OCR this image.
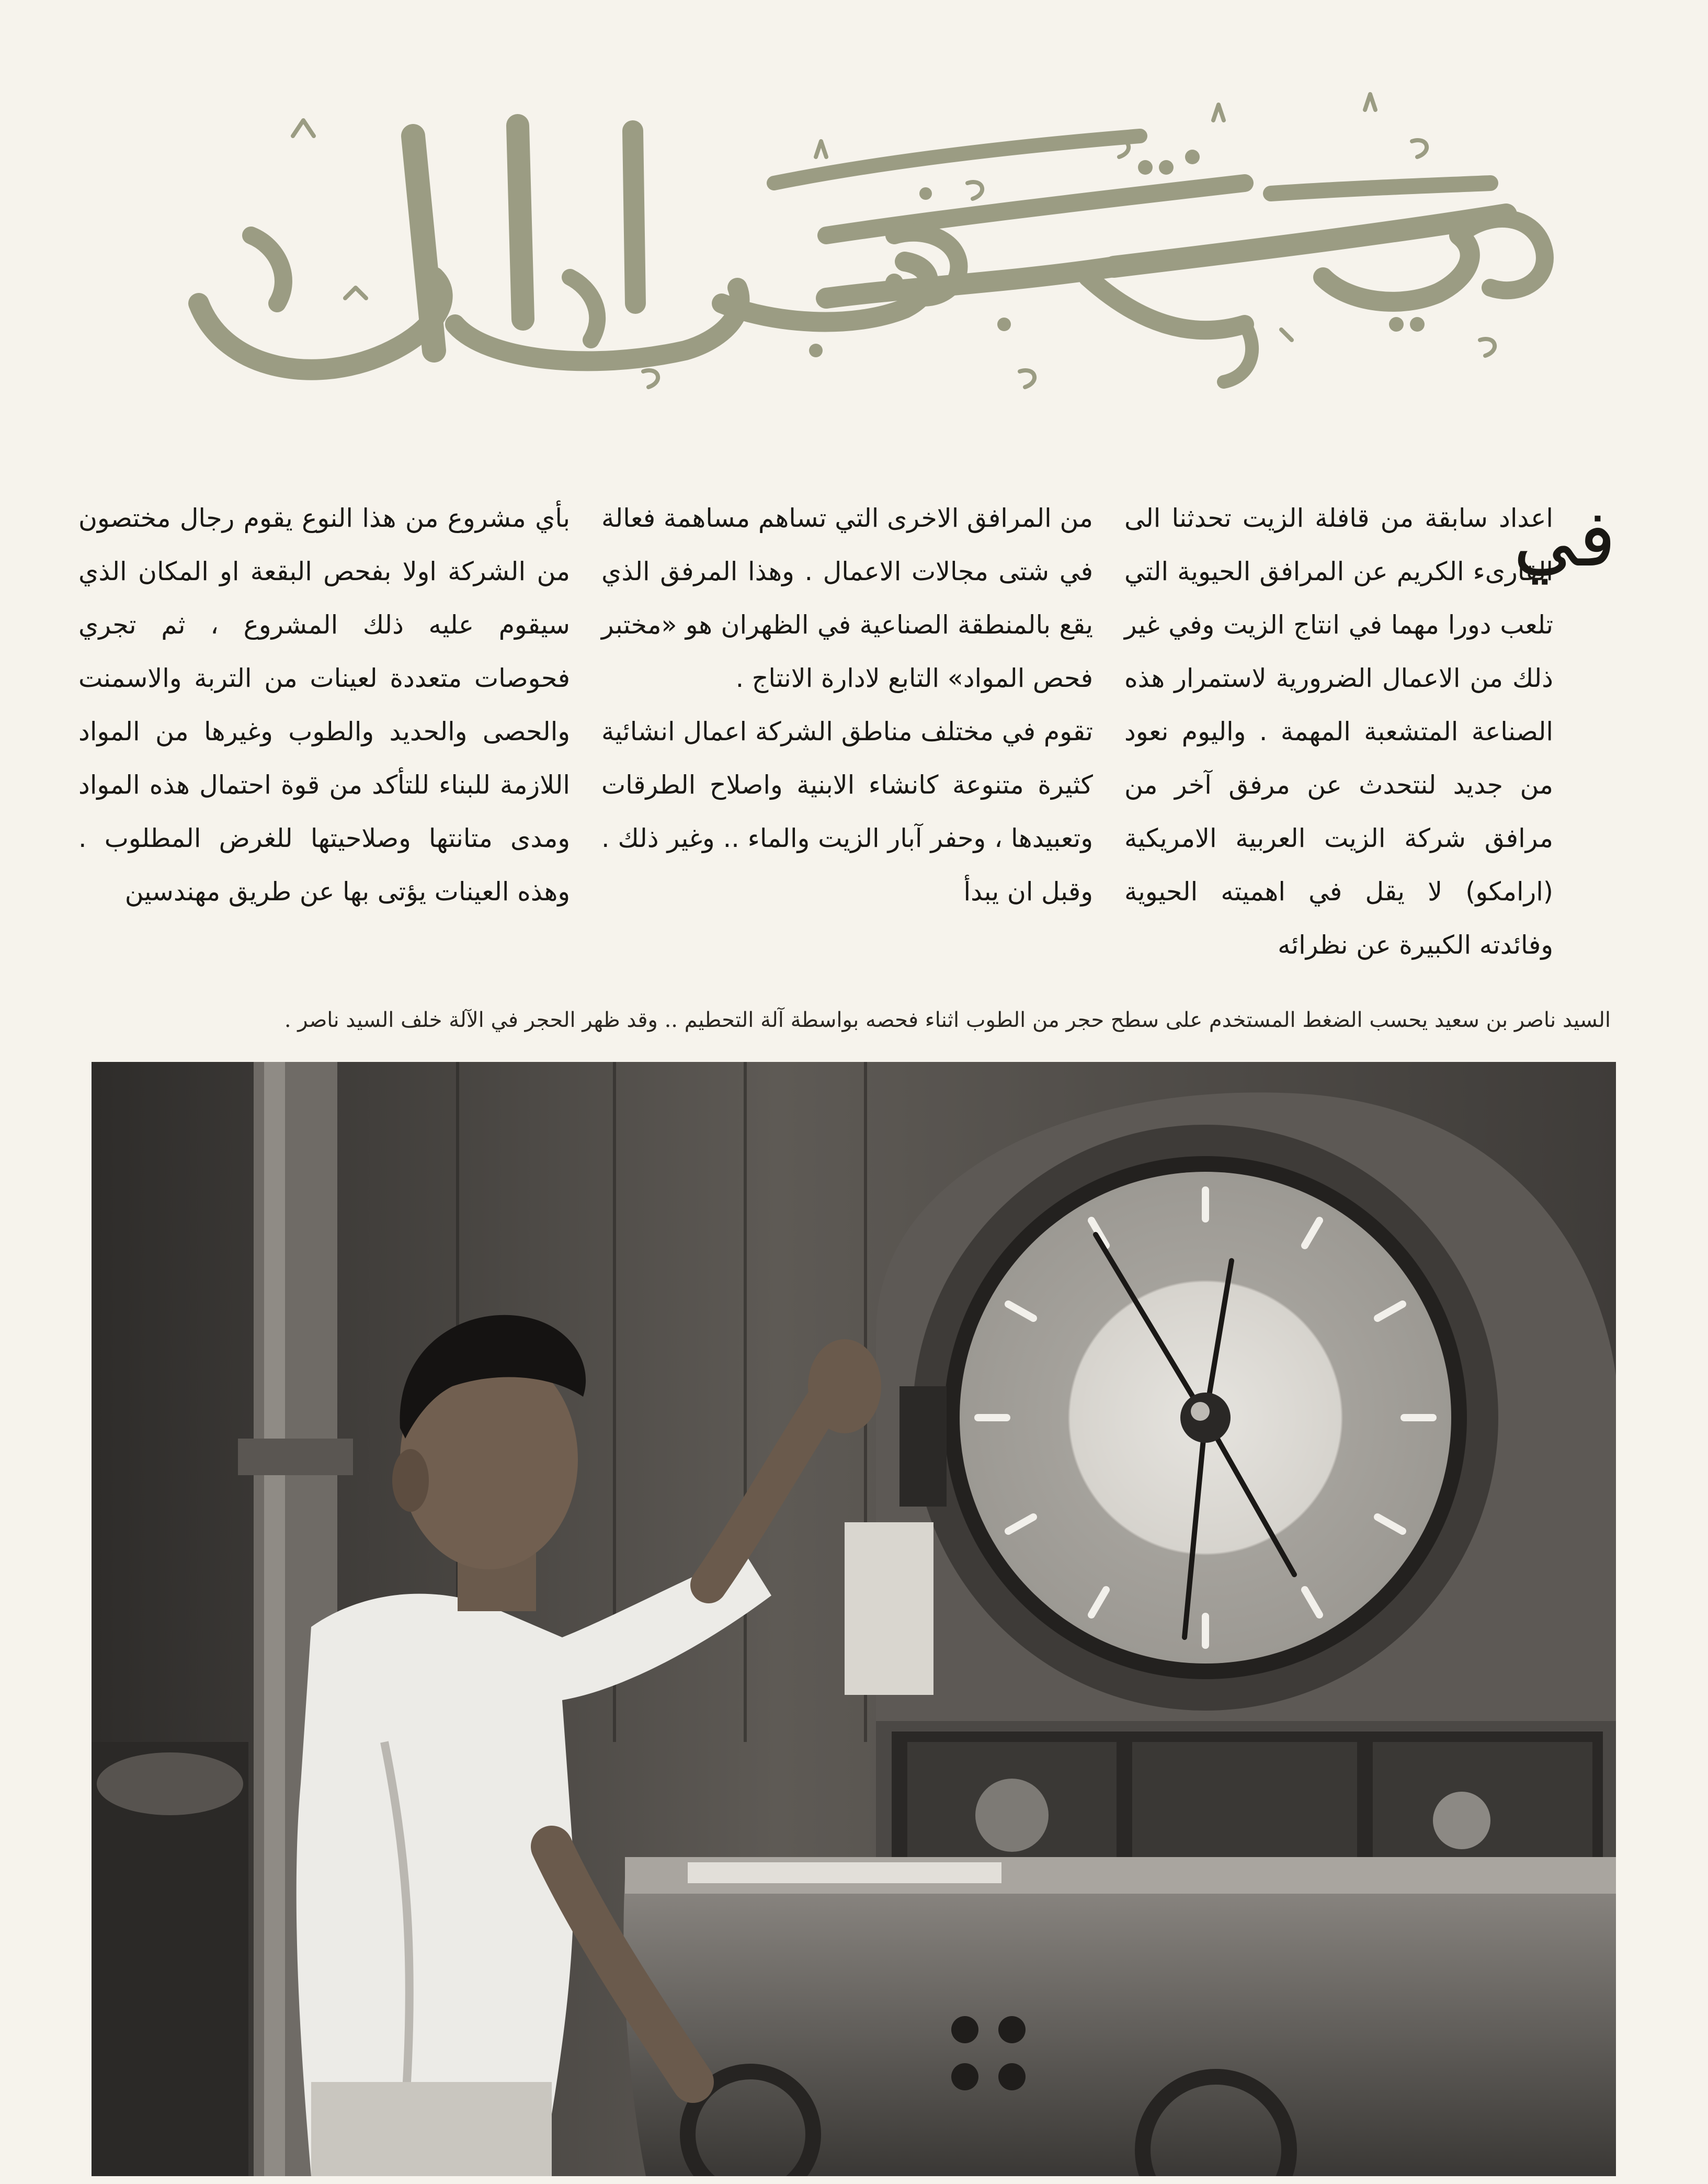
في

اعداد سابقة من قافلة الزيت تحدثنا الى القارىء الكريم عن المرافق الحيوية التي تلعب دورا مهما في انتاج الزيت وفي غير ذلك من الاعمال الضرورية لاستمرار هذه الصناعة المتشعبة المهمة . واليوم نعود من جديد لنتحدث عن مرفق آخر من مرافق شركة الزيت العربية الامريكية (ارامكو) لا يقل في اهميته الحيوية وفائدته الكبيرة عن نظرائه

من المرافق الاخرى التي تساهم مساهمة فعالة في شتى مجالات الاعمال . وهذا المرفق الذي يقع بالمنطقة الصناعية في الظهران هو «مختبر فحص المواد» التابع لادارة الانتاج .

تقوم في مختلف مناطق الشركة اعمال انشائية كثيرة متنوعة كانشاء الابنية واصلاح الطرقات وتعبيدها ، وحفر آبار الزيت والماء .. وغير ذلك . وقبل ان يبدأ

بأي مشروع من هذا النوع يقوم رجال مختصون من الشركة اولا بفحص البقعة او المكان الذي سيقوم عليه ذلك المشروع ، ثم تجري فحوصات متعددة لعينات من التربة والاسمنت والحصى والحديد والطوب وغيرها من المواد اللازمة للبناء للتأكد من قوة احتمال هذه المواد ومدى متانتها وصلاحيتها للغرض المطلوب . وهذه العينات يؤتى بها عن طريق مهندسين

السيد ناصر بن سعيد يحسب الضغط المستخدم على سطح حجر من الطوب اثناء فحصه بواسطة آلة التحطيم .. وقد ظهر الحجر في الآلة خلف السيد ناصر .
